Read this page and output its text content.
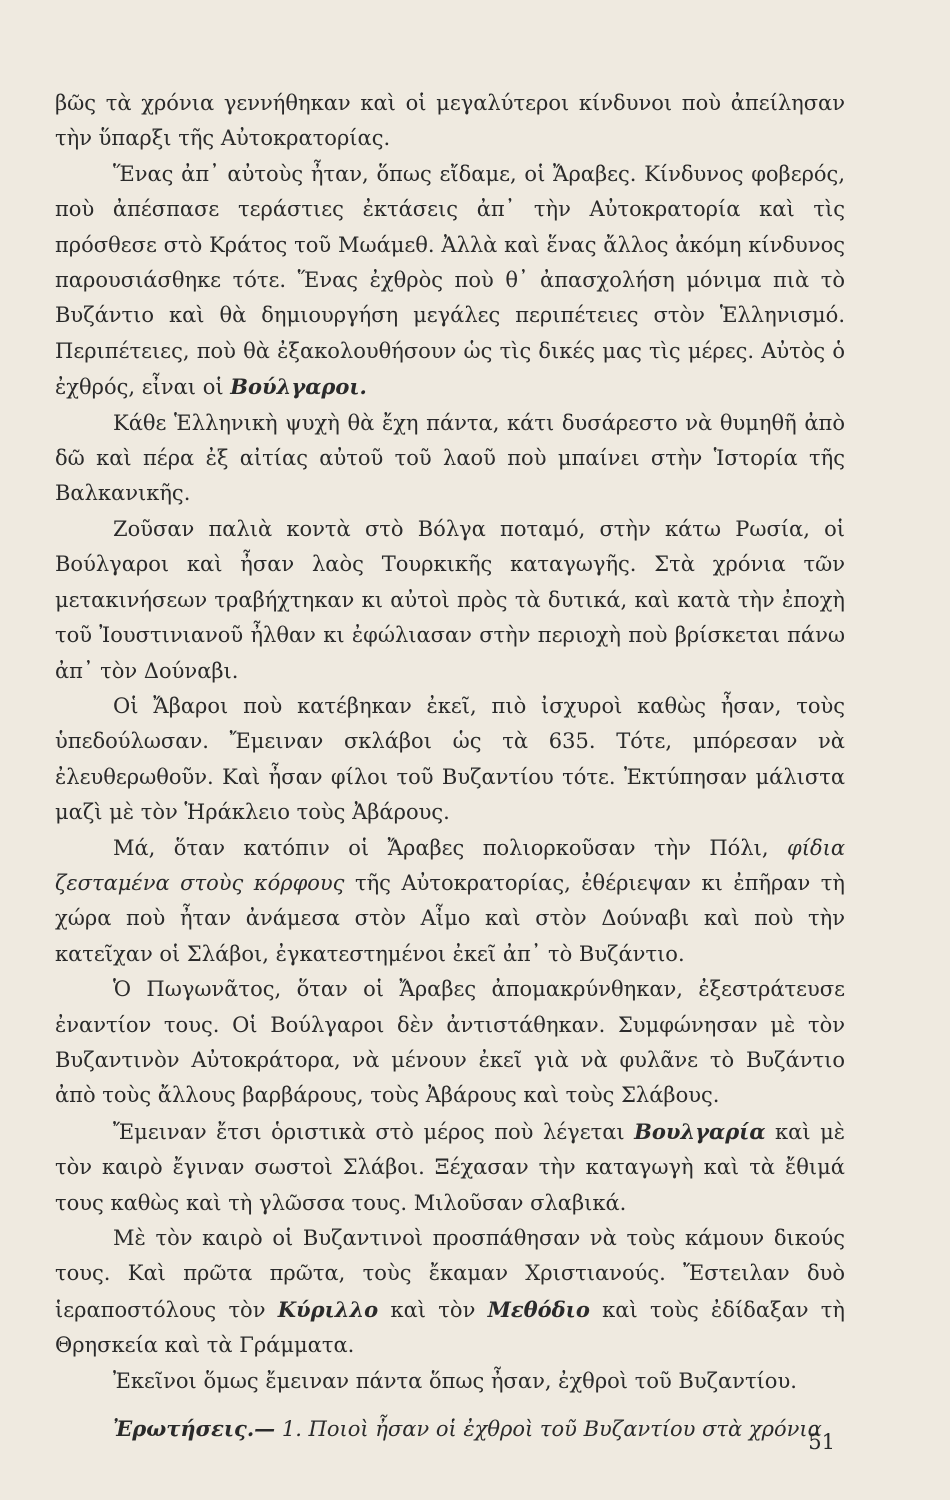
βῶς τὰ χρόνια γεννήθηκαν καὶ οἱ μεγαλύτεροι κίνδυνοι ποὺ ἀπείλησαν τὴν ὕπαρξι τῆς Αὐτοκρατορίας.

Ἕνας ἀπ᾿ αὐτοὺς ἦταν, ὅπως εἴδαμε, οἱ Ἄραβες. Κίνδυνος φοβερός, ποὺ ἀπέσπασε τεράστιες ἐκτάσεις ἀπ᾿ τὴν Αὐτοκρατορία καὶ τὶς πρόσθεσε στὸ Κράτος τοῦ Μωάμεθ. Ἀλλὰ καὶ ἕνας ἄλλος ἀκόμη κίνδυνος παρουσιάσθηκε τότε. Ἕνας ἐχθρὸς ποὺ θ᾿ ἀπασχολήση μόνιμα πιὰ τὸ Βυζάντιο καὶ θὰ δημιουργήση μεγάλες περιπέτειες στὸν Ἑλληνισμό. Περιπέτειες, ποὺ θὰ ἐξακολουθήσουν ὡς τὶς δικές μας τὶς μέρες. Αὐτὸς ὁ ἐχθρός, εἶναι οἱ Βούλγαροι.

Κάθε Ἑλληνικὴ ψυχὴ θὰ ἔχη πάντα, κάτι δυσάρεστο νὰ θυμηθῆ ἀπὸ δῶ καὶ πέρα ἐξ αἰτίας αὐτοῦ τοῦ λαοῦ ποὺ μπαίνει στὴν Ἱστορία τῆς Βαλκανικῆς.

Ζοῦσαν παλιὰ κοντὰ στὸ Βόλγα ποταμό, στὴν κάτω Ρωσία, οἱ Βούλγαροι καὶ ἦσαν λαὸς Τουρκικῆς καταγωγῆς. Στὰ χρόνια τῶν μετακινήσεων τραβήχτηκαν κι αὐτοὶ πρὸς τὰ δυτικά, καὶ κατὰ τὴν ἐποχὴ τοῦ Ἰουστινιανοῦ ἦλθαν κι ἐφώλιασαν στὴν περιοχὴ ποὺ βρίσκεται πάνω ἀπ᾿ τὸν Δούναβι.

Οἱ Ἄβαροι ποὺ κατέβηκαν ἐκεῖ, πιὸ ἰσχυροὶ καθὼς ἦσαν, τοὺς ὑπεδούλωσαν. Ἔμειναν σκλάβοι ὡς τὰ 635. Τότε, μπόρεσαν νὰ ἐλευθερωθοῦν. Καὶ ἦσαν φίλοι τοῦ Βυζαντίου τότε. Ἐκτύπησαν μάλιστα μαζὶ μὲ τὸν Ἡράκλειο τοὺς Ἀβάρους.

Μά, ὅταν κατόπιν οἱ Ἄραβες πολιορκοῦσαν τὴν Πόλι, φίδια ζεσταμένα στοὺς κόρφους τῆς Αὐτοκρατορίας, ἐθέριεψαν κι ἐπῆραν τὴ χώρα ποὺ ἦταν ἀνάμεσα στὸν Αἶμο καὶ στὸν Δούναβι καὶ ποὺ τὴν κατεῖχαν οἱ Σλάβοι, ἐγκατεστημένοι ἐκεῖ ἀπ᾿ τὸ Βυζάντιο.

Ὁ Πωγωνᾶτος, ὅταν οἱ Ἄραβες ἀπομακρύνθηκαν, ἐξεστράτευσε ἐναντίον τους. Οἱ Βούλγαροι δὲν ἀντιστάθηκαν. Συμφώνησαν μὲ τὸν Βυζαντινὸν Αὐτοκράτορα, νὰ μένουν ἐκεῖ γιὰ νὰ φυλᾶνε τὸ Βυζάντιο ἀπὸ τοὺς ἄλλους βαρβάρους, τοὺς Ἀβάρους καὶ τοὺς Σλάβους.

Ἔμειναν ἔτσι ὁριστικὰ στὸ μέρος ποὺ λέγεται Βουλγαρία καὶ μὲ τὸν καιρὸ ἔγιναν σωστοὶ Σλάβοι. Ξέχασαν τὴν καταγωγὴ καὶ τὰ ἔθιμά τους καθὼς καὶ τὴ γλῶσσα τους. Μιλοῦσαν σλαβικά.

Μὲ τὸν καιρὸ οἱ Βυζαντινοὶ προσπάθησαν νὰ τοὺς κάμουν δικούς τους. Καὶ πρῶτα πρῶτα, τοὺς ἔκαμαν Χριστιανούς. Ἔστειλαν δυὸ ἱεραποστόλους τὸν Κύριλλο καὶ τὸν Μεθόδιο καὶ τοὺς ἐδίδαξαν τὴ Θρησκεία καὶ τὰ Γράμματα.

Ἐκεῖνοι ὅμως ἔμειναν πάντα ὅπως ἦσαν, ἐχθροὶ τοῦ Βυζαντίου.

Ἐρωτήσεις.— 1. Ποιοὶ ἦσαν οἱ ἐχθροὶ τοῦ Βυζαντίου στὰ χρόνια

51
